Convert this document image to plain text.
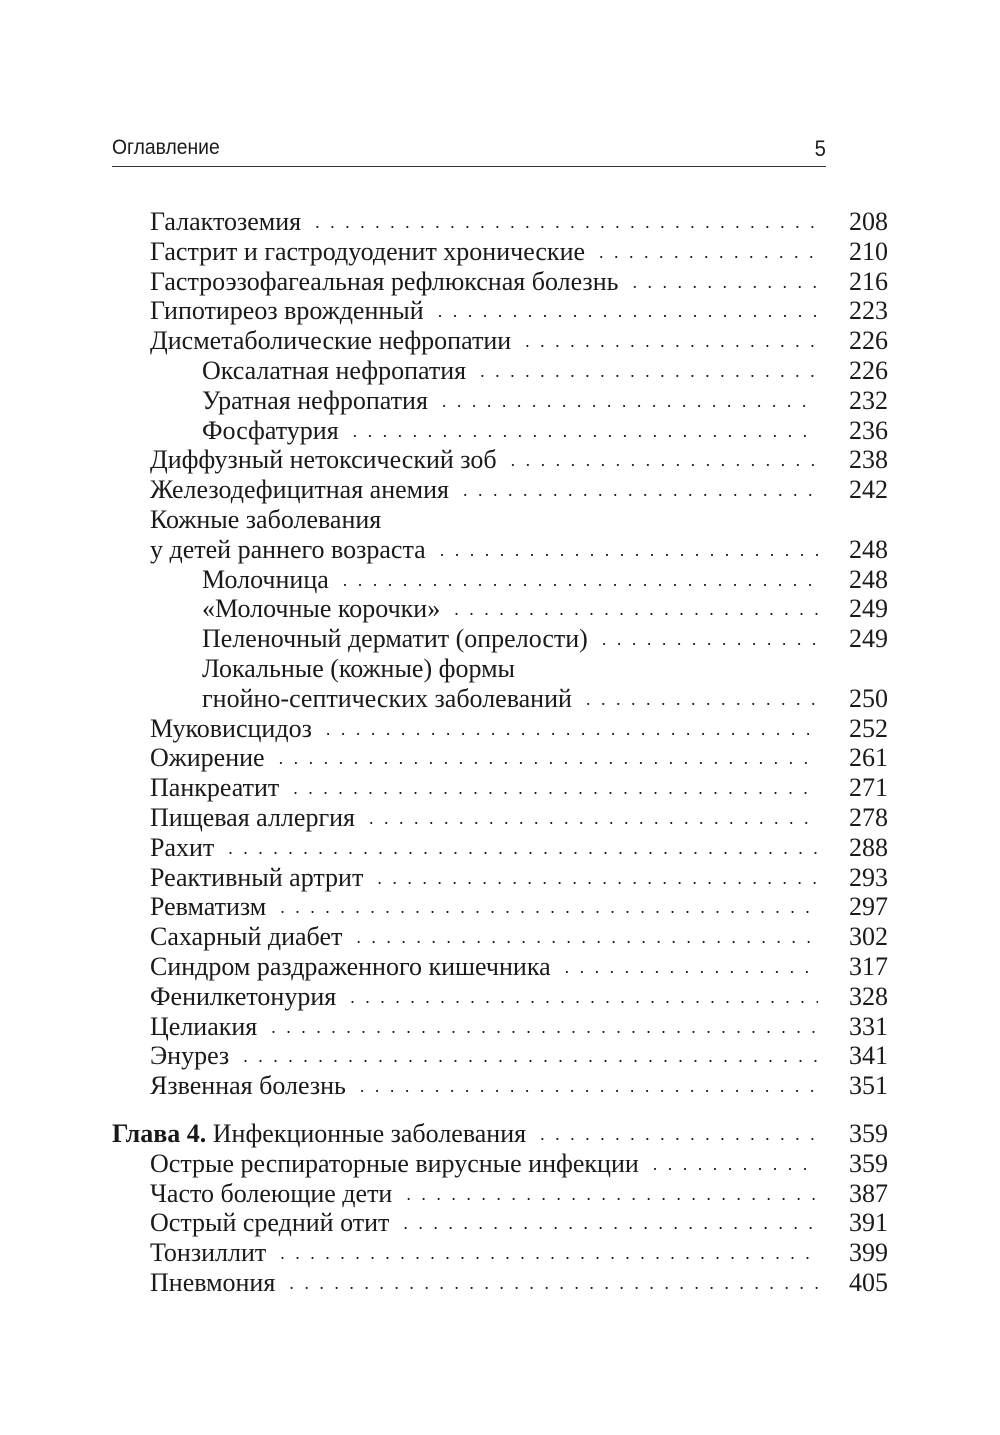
Оглавление	5
Галактоземия . . .	208
Гастрит и гастродуоденит хронические . . .	210
Гастроэзофагеальная рефлюксная болезнь . . .	216
Гипотиреоз врожденный . . .	223
Дисметаболические нефропатии . . .	226
Оксалатная нефропатия . . .	226
Уратная нефропатия . . .	232
Фосфатурия . . .	236
Диффузный нетоксический зоб . . .	238
Железодефицитная анемия . . .	242
Кожные заболевания
у детей раннего возраста . . .	248
Молочница . . .	248
«Молочные корочки» . . .	249
Пеленочный дерматит (опрелости) . . .	249
Локальные (кожные) формы
гнойно-септических заболеваний . . .	250
Муковисцидоз . . .	252
Ожирение . . .	261
Панкреатит . . .	271
Пищевая аллергия . . .	278
Рахит . . .	288
Реактивный артрит . . .	293
Ревматизм . . .	297
Сахарный диабет . . .	302
Синдром раздраженного кишечника . . .	317
Фенилкетонурия . . .	328
Целиакия . . .	331
Энурез . . .	341
Язвенная болезнь . . .	351
Глава 4. Инфекционные заболевания . . .	359
Острые респираторные вирусные инфекции . . .	359
Часто болеющие дети . . .	387
Острый средний отит . . .	391
Тонзиллит . . .	399
Пневмония . . .	405
